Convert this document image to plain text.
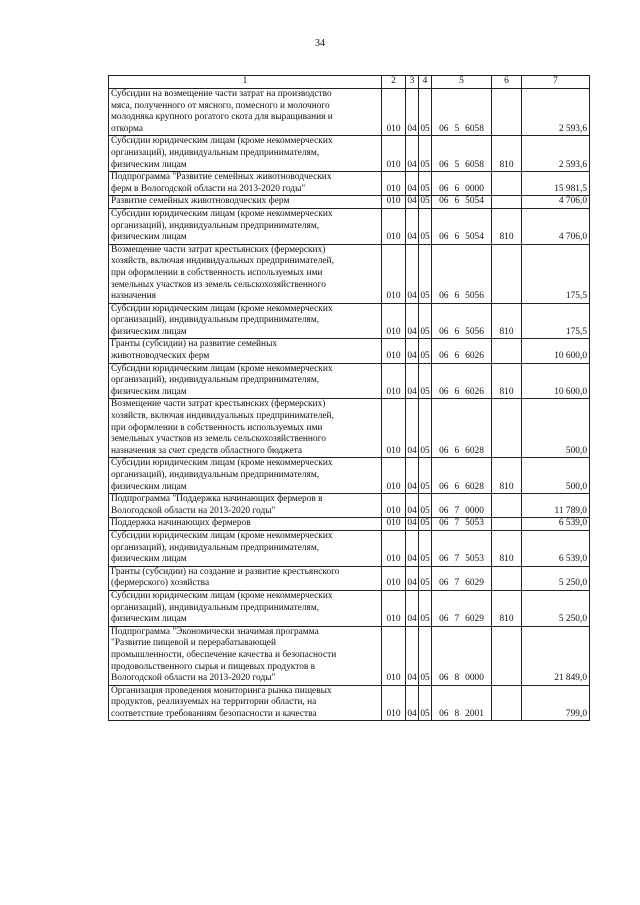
34
1	2	3	4	5	6	7

Субсидии на возмещение части затрат на производство
мяса, полученного от мясного, помесного и молочного
молодняка крупного рогатого скота для выращивания и
откорма	010	04	05	06 5 6058		2 593,6

Субсидии юридическим лицам (кроме некоммерческих
организаций), индивидуальным предпринимателям,
физическим лицам	010	04	05	06 5 6058	810	2 593,6

Подпрограмма "Развитие семейных животноводческих
ферм в Вологодской области на 2013-2020 годы"	010	04	05	06 6 0000		15 981,5

Развитие семейных животноводческих ферм	010	04	05	06 6 5054		4 706,0

Субсидии юридическим лицам (кроме некоммерческих
организаций), индивидуальным предпринимателям,
физическим лицам	010	04	05	06 6 5054	810	4 706,0

Возмещение части затрат крестьянских (фермерских)
хозяйств, включая индивидуальных предпринимателей,
при оформлении в собственность используемых ими
земельных участков из земель сельскохозяйственного
назначения	010	04	05	06 6 5056		175,5

Субсидии юридическим лицам (кроме некоммерческих
организаций), индивидуальным предпринимателям,
физическим лицам	010	04	05	06 6 5056	810	175,5

Гранты (субсидии) на развитие семейных
животноводческих ферм	010	04	05	06 6 6026		10 600,0

Субсидии юридическим лицам (кроме некоммерческих
организаций), индивидуальным предпринимателям,
физическим лицам	010	04	05	06 6 6026	810	10 600,0

Возмещение части затрат крестьянских (фермерских)
хозяйств, включая индивидуальных предпринимателей,
при оформлении в собственность используемых ими
земельных участков из земель сельскохозяйственного
назначения за счет средств областного бюджета	010	04	05	06 6 6028		500,0

Субсидии юридическим лицам (кроме некоммерческих
организаций), индивидуальным предпринимателям,
физическим лицам	010	04	05	06 6 6028	810	500,0

Подпрограмма "Поддержка начинающих фермеров в
Вологодской области на 2013-2020 годы"	010	04	05	06 7 0000		11 789,0

Поддержка начинающих фермеров	010	04	05	06 7 5053		6 539,0

Субсидии юридическим лицам (кроме некоммерческих
организаций), индивидуальным предпринимателям,
физическим лицам	010	04	05	06 7 5053	810	6 539,0

Гранты (субсидии) на создание и развитие крестьянского
(фермерского) хозяйства	010	04	05	06 7 6029		5 250,0

Субсидии юридическим лицам (кроме некоммерческих
организаций), индивидуальным предпринимателям,
физическим лицам	010	04	05	06 7 6029	810	5 250,0

Подпрограмма "Экономически значимая программа
"Развитие пищевой и перерабатывающей
промышленности, обеспечение качества и безопасности
продовольственного сырья и пищевых продуктов в
Вологодской области на 2013-2020 годы"	010	04	05	06 8 0000		21 849,0

Организация проведения мониторинга рынка пищевых
продуктов, реализуемых на территории области, на
соответствие требованиям безопасности и качества	010	04	05	06 8 2001		799,0
